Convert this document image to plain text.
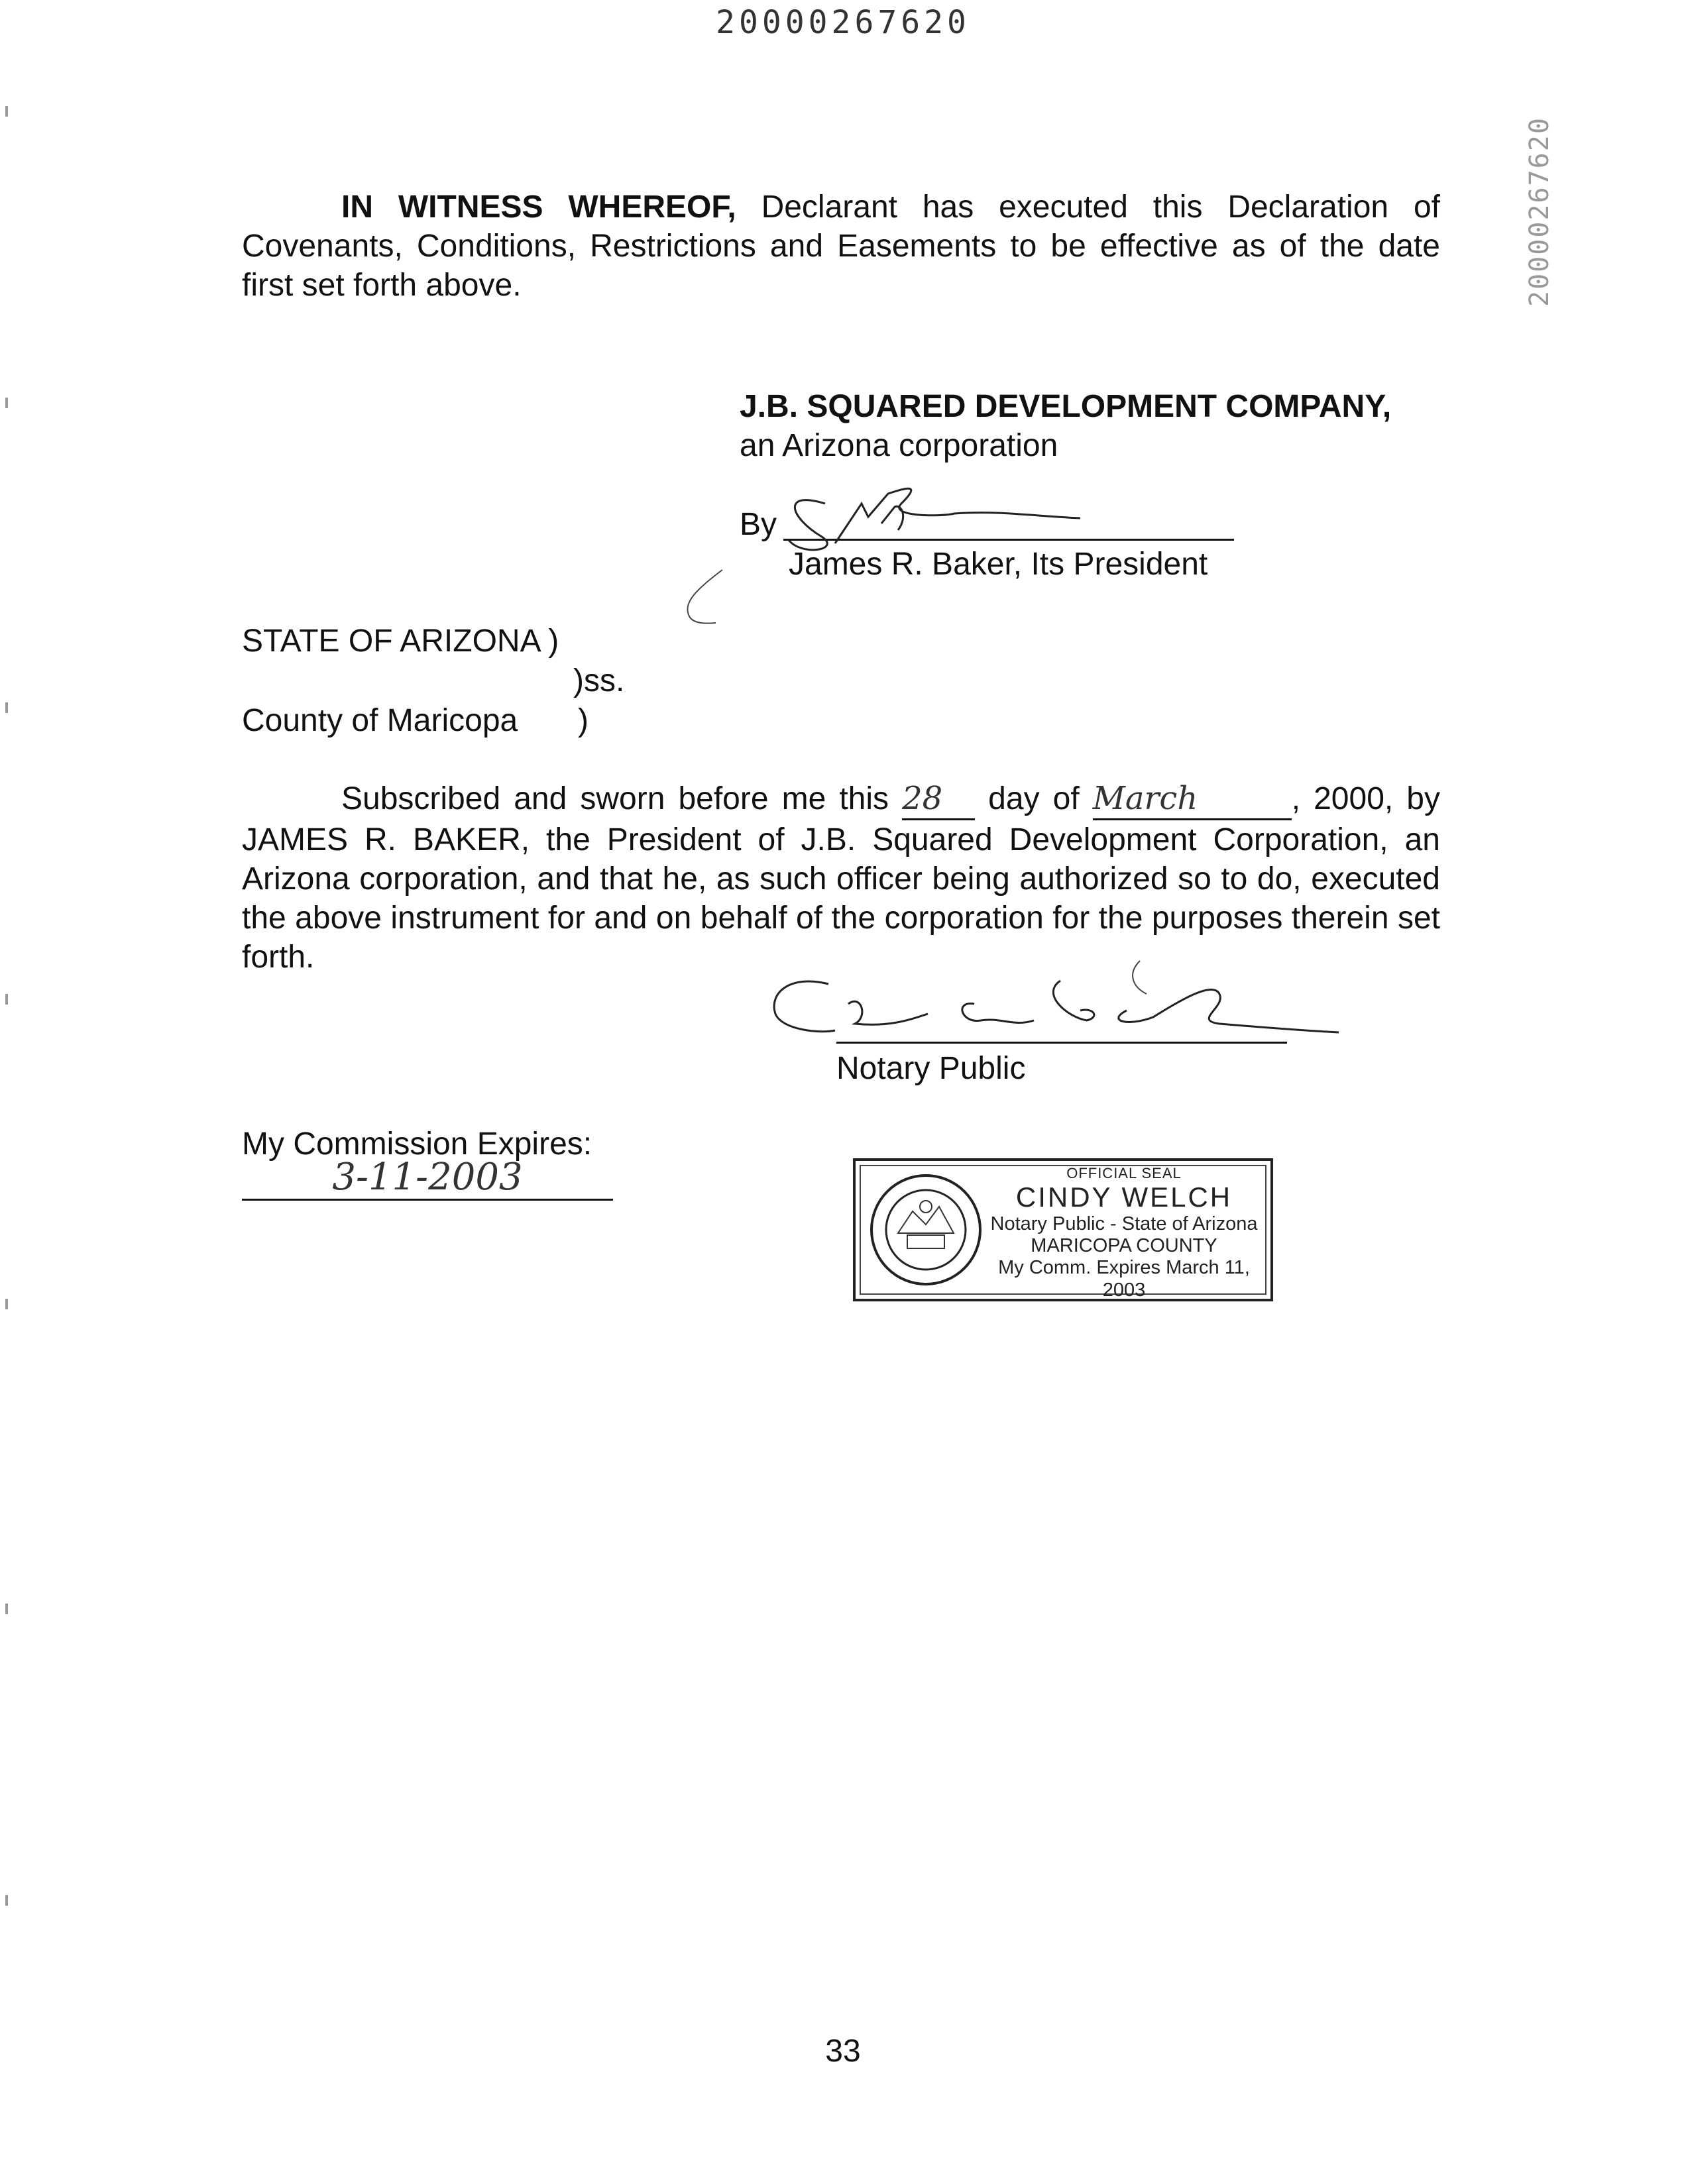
20000267620
20000267620
IN WITNESS WHEREOF, Declarant has executed this Declaration of Covenants, Conditions, Restrictions and Easements to be effective as of the date first set forth above.
J.B. SQUARED DEVELOPMENT COMPANY,
an Arizona corporation
By
James R. Baker, Its President
STATE OF ARIZONA )
)ss.
County of Maricopa )
Subscribed and sworn before me this 28 day of March	, 2000, by JAMES R. BAKER, the President of J.B. Squared Development Corporation, an Arizona corporation, and that he, as such officer being authorized so to do, executed the above instrument for and on behalf of the corporation for the purposes therein set forth.
Notary Public
My Commission Expires:
3-11-2003	OFFICIAL SEAL
CINDY WELCH
Notary Public - State of Arizona
MARICOPA COUNTY
My Comm. Expires March 11, 2003
33
